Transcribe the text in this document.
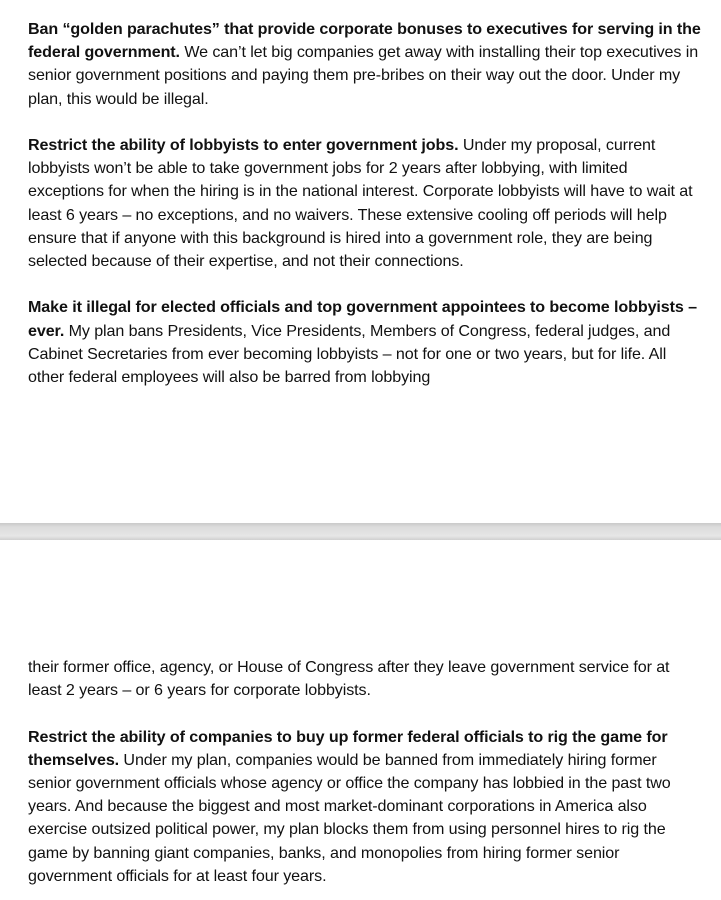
Ban “golden parachutes” that provide corporate bonuses to executives for serving in the federal government. We can’t let big companies get away with installing their top executives in senior government positions and paying them pre-bribes on their way out the door. Under my plan, this would be illegal.

Restrict the ability of lobbyists to enter government jobs. Under my proposal, current lobbyists won’t be able to take government jobs for 2 years after lobbying, with limited exceptions for when the hiring is in the national interest. Corporate lobbyists will have to wait at least 6 years – no exceptions, and no waivers. These extensive cooling off periods will help ensure that if anyone with this background is hired into a government role, they are being selected because of their expertise, and not their connections.

Make it illegal for elected officials and top government appointees to become lobbyists – ever. My plan bans Presidents, Vice Presidents, Members of Congress, federal judges, and Cabinet Secretaries from ever becoming lobbyists – not for one or two years, but for life. All other federal employees will also be barred from lobbying

their former office, agency, or House of Congress after they leave government service for at least 2 years – or 6 years for corporate lobbyists.

Restrict the ability of companies to buy up former federal officials to rig the game for themselves. Under my plan, companies would be banned from immediately hiring former senior government officials whose agency or office the company has lobbied in the past two years. And because the biggest and most market-dominant corporations in America also exercise outsized political power, my plan blocks them from using personnel hires to rig the game by banning giant companies, banks, and monopolies from hiring former senior government officials for at least four years.
